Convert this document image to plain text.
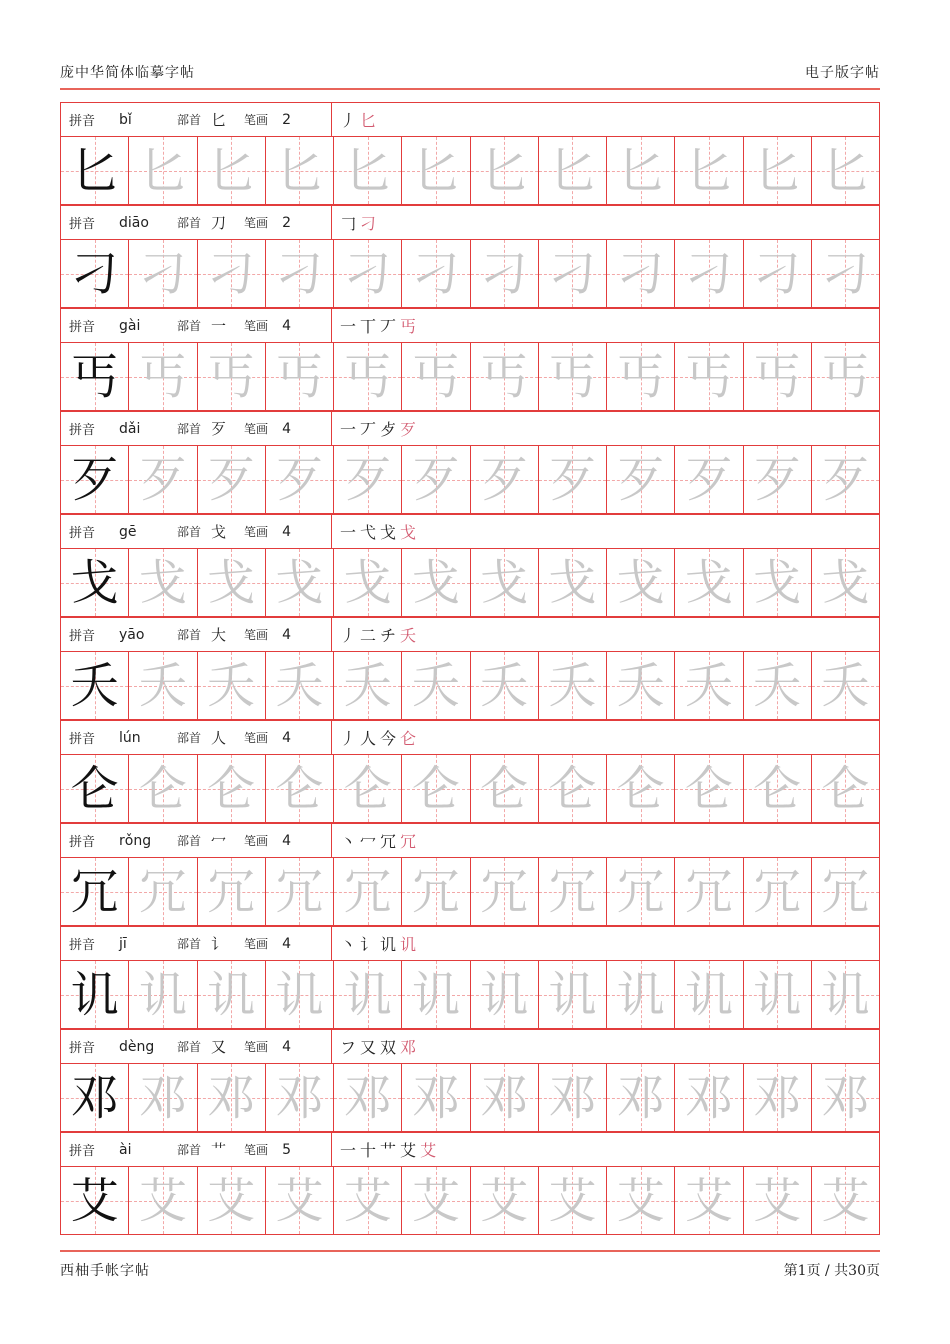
庞中华简体临摹字帖	电子版字帖
拼音 bǐ	部首 匕 笔画 2	丿匕
匕 匕 匕 匕 匕 匕 匕 匕 匕 匕 匕 匕
拼音 diāo	部首 刀 笔画 2	𠃌刁
刁 刁 刁 刁 刁 刁 刁 刁 刁 刁 刁 刁
拼音 gài	部首 一 笔画 4	一丅丆丐
丐 丐 丐 丐 丐 丐 丐 丐 丐 丐 丐 丐
拼音 dǎi	部首 歹 笔画 4	一丆歺歹
歹 歹 歹 歹 歹 歹 歹 歹 歹 歹 歹 歹
拼音 gē	部首 戈 笔画 4	一弋戈戈
戈 戈 戈 戈 戈 戈 戈 戈 戈 戈 戈 戈
拼音 yāo	部首 大 笔画 4	丿二チ夭
夭 夭 夭 夭 夭 夭 夭 夭 夭 夭 夭 夭
拼音 lún	部首 人 笔画 4	丿人今仑
仑 仑 仑 仑 仑 仑 仑 仑 仑 仑 仑 仑
拼音 rǒng	部首 冖 笔画 4	丶冖冗冗
冗 冗 冗 冗 冗 冗 冗 冗 冗 冗 冗 冗
拼音 jī	部首 讠 笔画 4	丶讠讥讥
讥 讥 讥 讥 讥 讥 讥 讥 讥 讥 讥 讥
拼音 dèng	部首 又 笔画 4	フ又双邓
邓 邓 邓 邓 邓 邓 邓 邓 邓 邓 邓 邓
拼音 ài	部首 艹 笔画 5	一十艹艾艾
艾 艾 艾 艾 艾 艾 艾 艾 艾 艾 艾 艾
西柚手帐字帖	第1页 / 共30页
